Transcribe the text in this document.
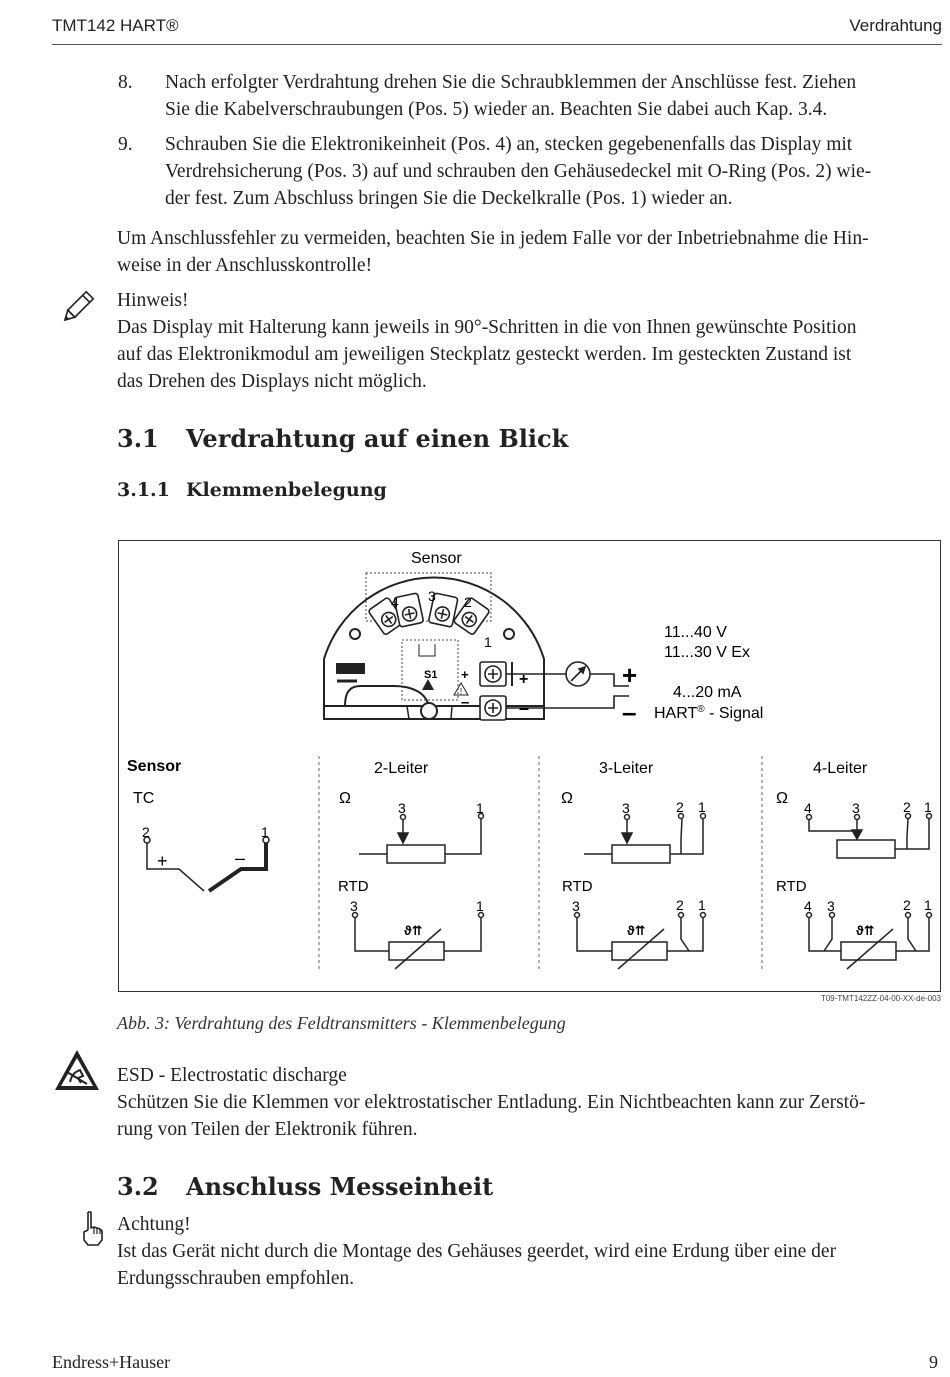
TMT142 HART®	Verdrahtung
8. Nach erfolgter Verdrahtung drehen Sie die Schraubklemmen der Anschlüsse fest. Ziehen
Sie die Kabelverschraubungen (Pos. 5) wieder an. Beachten Sie dabei auch Kap. 3.4.
9. Schrauben Sie die Elektronikeinheit (Pos. 4) an, stecken gegebenenfalls das Display mit
Verdrehsicherung (Pos. 3) auf und schrauben den Gehäusedeckel mit O-Ring (Pos. 2) wie-
der fest. Zum Abschluss bringen Sie die Deckelkralle (Pos. 1) wieder an.
Um Anschlussfehler zu vermeiden, beachten Sie in jedem Falle vor der Inbetriebnahme die Hin-
weise in der Anschlusskontrolle!
Hinweis!
Das Display mit Halterung kann jeweils in 90°-Schritten in die von Ihnen gewünschte Position
auf das Elektronikmodul am jeweiligen Steckplatz gesteckt werden. Im gesteckten Zustand ist
das Drehen des Displays nicht möglich.
3.1 Verdrahtung auf einen Blick
3.1.1 Klemmenbelegung
!
Sensor
4 3 2
1
S1 +
–
+
–
+
–
11...40 V
11...30 V Ex
4...20 mA
HART® - Signal
Sensor
TC
2-Leiter	3-Leiter	4-Leiter
2	1
+	–
Ω	Ω	Ω
3	1	3	2 1	4	3	2 1
RTD	RTD	RTD
3	1
ϑ⇈
3	2 1
ϑ⇈
4 3	2 1
ϑ⇈
T09-TMT142ZZ-04-00-XX-de-003
Abb. 3: Verdrahtung des Feldtransmitters - Klemmenbelegung
ESD - Electrostatic discharge
Schützen Sie die Klemmen vor elektrostatischer Entladung. Ein Nichtbeachten kann zur Zerstö-
rung von Teilen der Elektronik führen.
3.2 Anschluss Messeinheit
Achtung!
Ist das Gerät nicht durch die Montage des Gehäuses geerdet, wird eine Erdung über eine der
Erdungsschrauben empfohlen.
Endress+Hauser	9
